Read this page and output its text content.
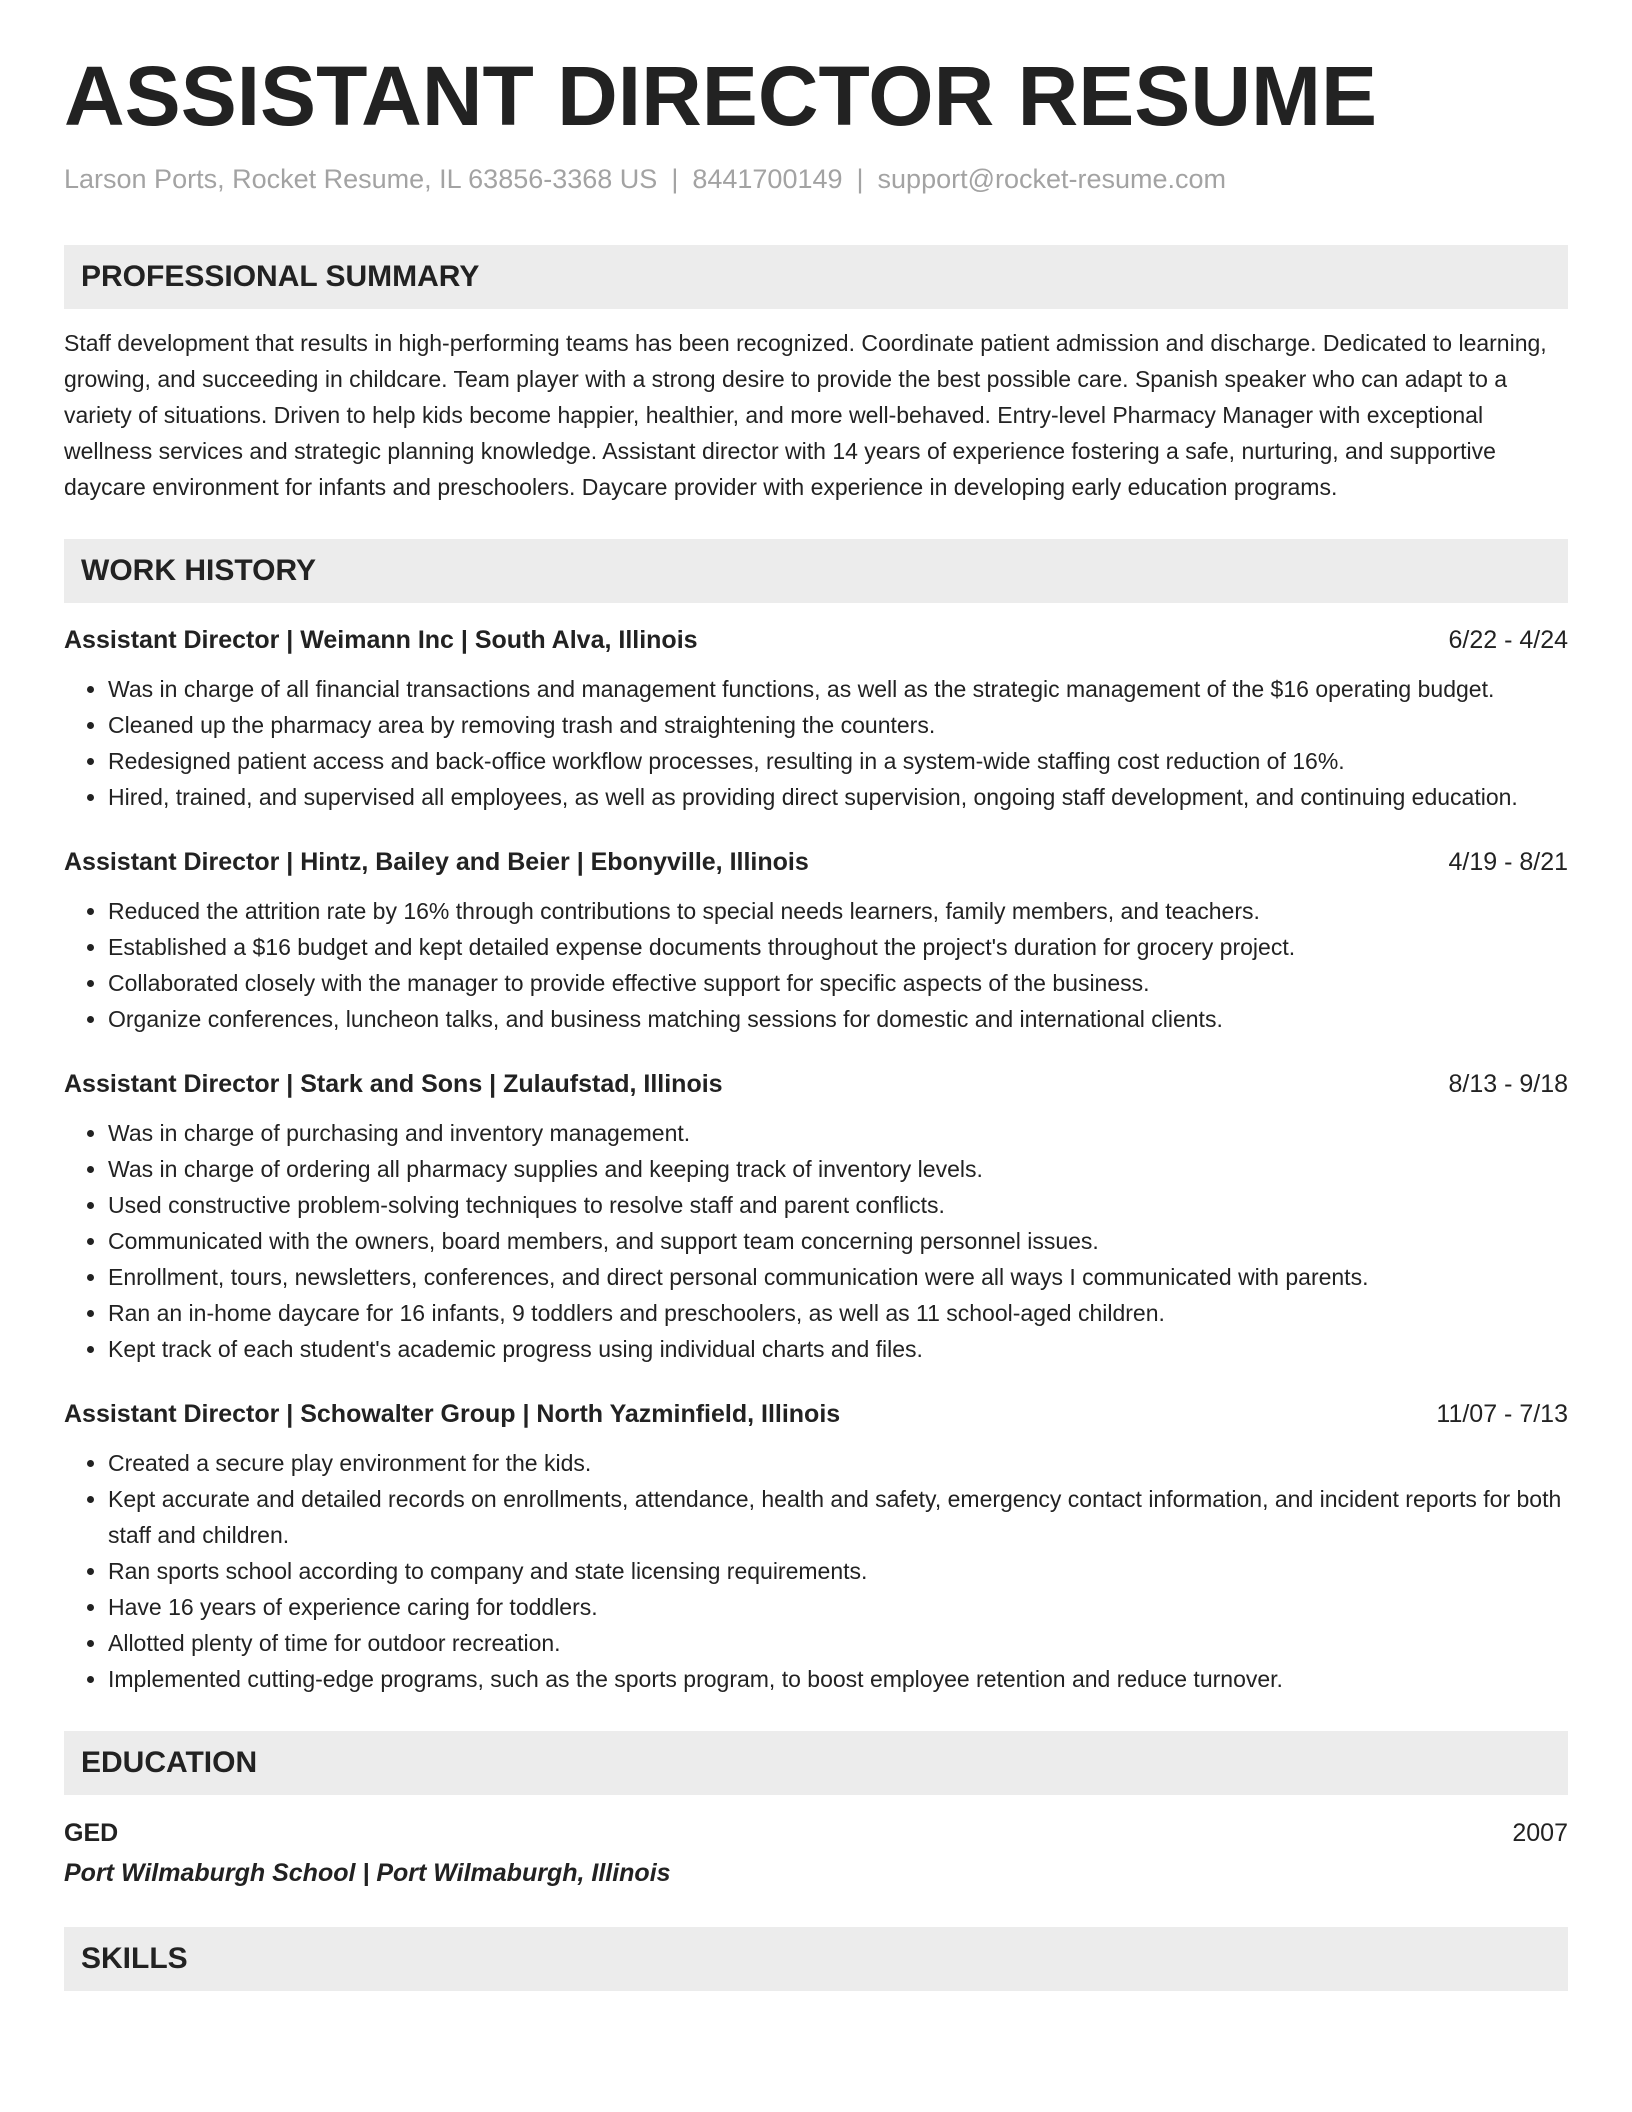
ASSISTANT DIRECTOR RESUME
Larson Ports, Rocket Resume, IL 63856-3368 US | 8441700149 | support@rocket-resume.com
PROFESSIONAL SUMMARY
Staff development that results in high-performing teams has been recognized. Coordinate patient admission and discharge. Dedicated to learning, growing, and succeeding in childcare. Team player with a strong desire to provide the best possible care. Spanish speaker who can adapt to a variety of situations. Driven to help kids become happier, healthier, and more well-behaved. Entry-level Pharmacy Manager with exceptional wellness services and strategic planning knowledge. Assistant director with 14 years of experience fostering a safe, nurturing, and supportive daycare environment for infants and preschoolers. Daycare provider with experience in developing early education programs.
WORK HISTORY
Assistant Director | Weimann Inc | South Alva, Illinois	6/22 - 4/24
• Was in charge of all financial transactions and management functions, as well as the strategic management of the $16 operating budget.
• Cleaned up the pharmacy area by removing trash and straightening the counters.
• Redesigned patient access and back-office workflow processes, resulting in a system-wide staffing cost reduction of 16%.
• Hired, trained, and supervised all employees, as well as providing direct supervision, ongoing staff development, and continuing education.
Assistant Director | Hintz, Bailey and Beier | Ebonyville, Illinois	4/19 - 8/21
• Reduced the attrition rate by 16% through contributions to special needs learners, family members, and teachers.
• Established a $16 budget and kept detailed expense documents throughout the project's duration for grocery project.
• Collaborated closely with the manager to provide effective support for specific aspects of the business.
• Organize conferences, luncheon talks, and business matching sessions for domestic and international clients.
Assistant Director | Stark and Sons | Zulaufstad, Illinois	8/13 - 9/18
• Was in charge of purchasing and inventory management.
• Was in charge of ordering all pharmacy supplies and keeping track of inventory levels.
• Used constructive problem-solving techniques to resolve staff and parent conflicts.
• Communicated with the owners, board members, and support team concerning personnel issues.
• Enrollment, tours, newsletters, conferences, and direct personal communication were all ways I communicated with parents.
• Ran an in-home daycare for 16 infants, 9 toddlers and preschoolers, as well as 11 school-aged children.
• Kept track of each student's academic progress using individual charts and files.
Assistant Director | Schowalter Group | North Yazminfield, Illinois	11/07 - 7/13
• Created a secure play environment for the kids.
• Kept accurate and detailed records on enrollments, attendance, health and safety, emergency contact information, and incident reports for both staff and children.
• Ran sports school according to company and state licensing requirements.
• Have 16 years of experience caring for toddlers.
• Allotted plenty of time for outdoor recreation.
• Implemented cutting-edge programs, such as the sports program, to boost employee retention and reduce turnover.
EDUCATION
GED	2007
Port Wilmaburgh School | Port Wilmaburgh, Illinois
SKILLS
